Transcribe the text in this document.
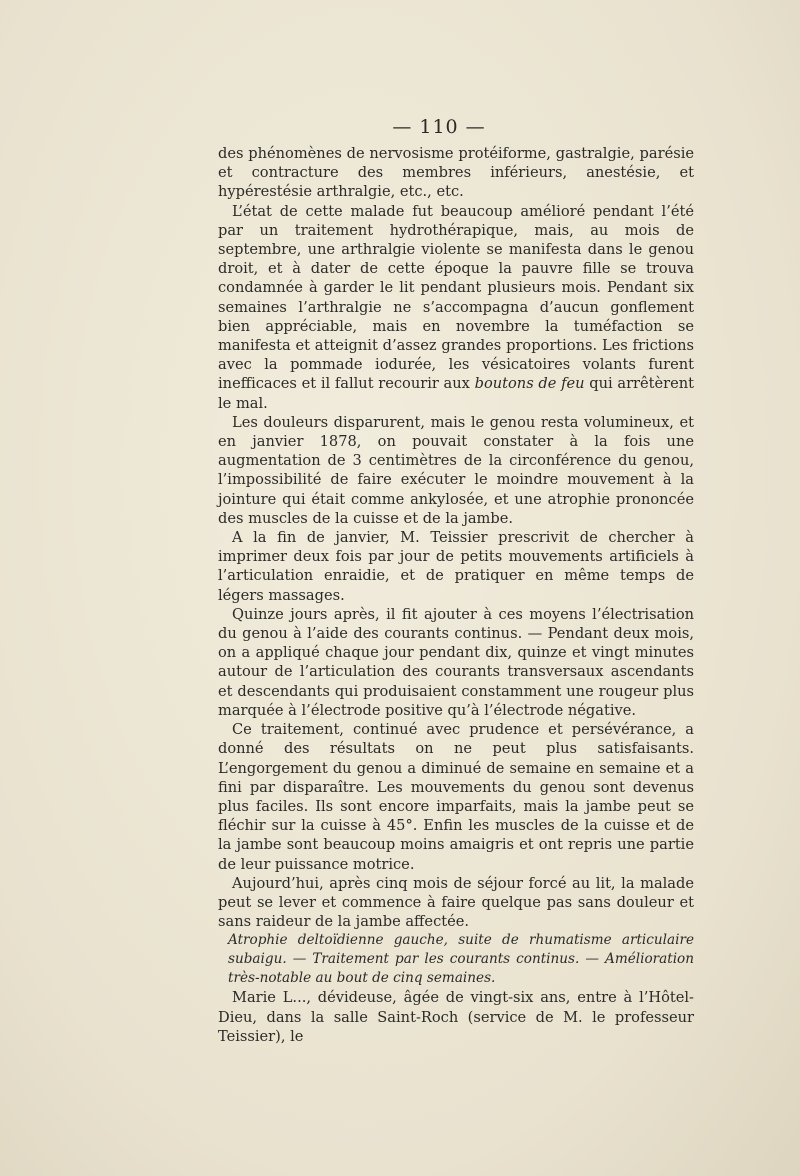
— 110 —

des phénomènes de nervosisme protéiforme, gastralgie, parésie et contracture des membres inférieurs, anestésie, et hypérestésie arthralgie, etc., etc.

L’état de cette malade fut beaucoup amélioré pendant l’été par un traitement hydrothérapique, mais, au mois de septembre, une arthralgie violente se manifesta dans le genou droit, et à dater de cette époque la pauvre fille se trouva condamnée à garder le lit pendant plusieurs mois. Pendant six semaines l’arthralgie ne s’accompagna d’aucun gonflement bien appréciable, mais en novembre la tuméfaction se manifesta et atteignit d’assez grandes proportions. Les frictions avec la pommade iodurée, les vésicatoires volants furent inefficaces et il fallut recourir aux boutons de feu qui arrêtèrent le mal.

Les douleurs disparurent, mais le genou resta volumineux, et en janvier 1878, on pouvait constater à la fois une augmentation de 3 centimètres de la circonférence du genou, l’impossibilité de faire exécuter le moindre mouvement à la jointure qui était comme ankylosée, et une atrophie prononcée des muscles de la cuisse et de la jambe.

A la fin de janvier, M. Teissier prescrivit de chercher à imprimer deux fois par jour de petits mouvements artificiels à l’articulation enraidie, et de pratiquer en même temps de légers massages.

Quinze jours après, il fit ajouter à ces moyens l’électrisation du genou à l’aide des courants continus. — Pendant deux mois, on a appliqué chaque jour pendant dix, quinze et vingt minutes autour de l’articulation des courants transversaux ascendants et descendants qui produisaient constamment une rougeur plus marquée à l’électrode positive qu’à l’électrode négative.

Ce traitement, continué avec prudence et persévérance, a donné des résultats on ne peut plus satisfaisants. L’engorgement du genou a diminué de semaine en semaine et a fini par disparaître. Les mouvements du genou sont devenus plus faciles. Ils sont encore imparfaits, mais la jambe peut se fléchir sur la cuisse à 45°. Enfin les muscles de la cuisse et de la jambe sont beaucoup moins amaigris et ont repris une partie de leur puissance motrice.

Aujourd’hui, après cinq mois de séjour forcé au lit, la malade peut se lever et commence à faire quelque pas sans douleur et sans raideur de la jambe affectée.

Atrophie deltoïdienne gauche, suite de rhumatisme articulaire subaigu. — Traitement par les courants continus. — Amélioration très-notable au bout de cinq semaines.

Marie L..., dévideuse, âgée de vingt-six ans, entre à l’Hôtel-Dieu, dans la salle Saint-Roch (service de M. le professeur Teissier), le
